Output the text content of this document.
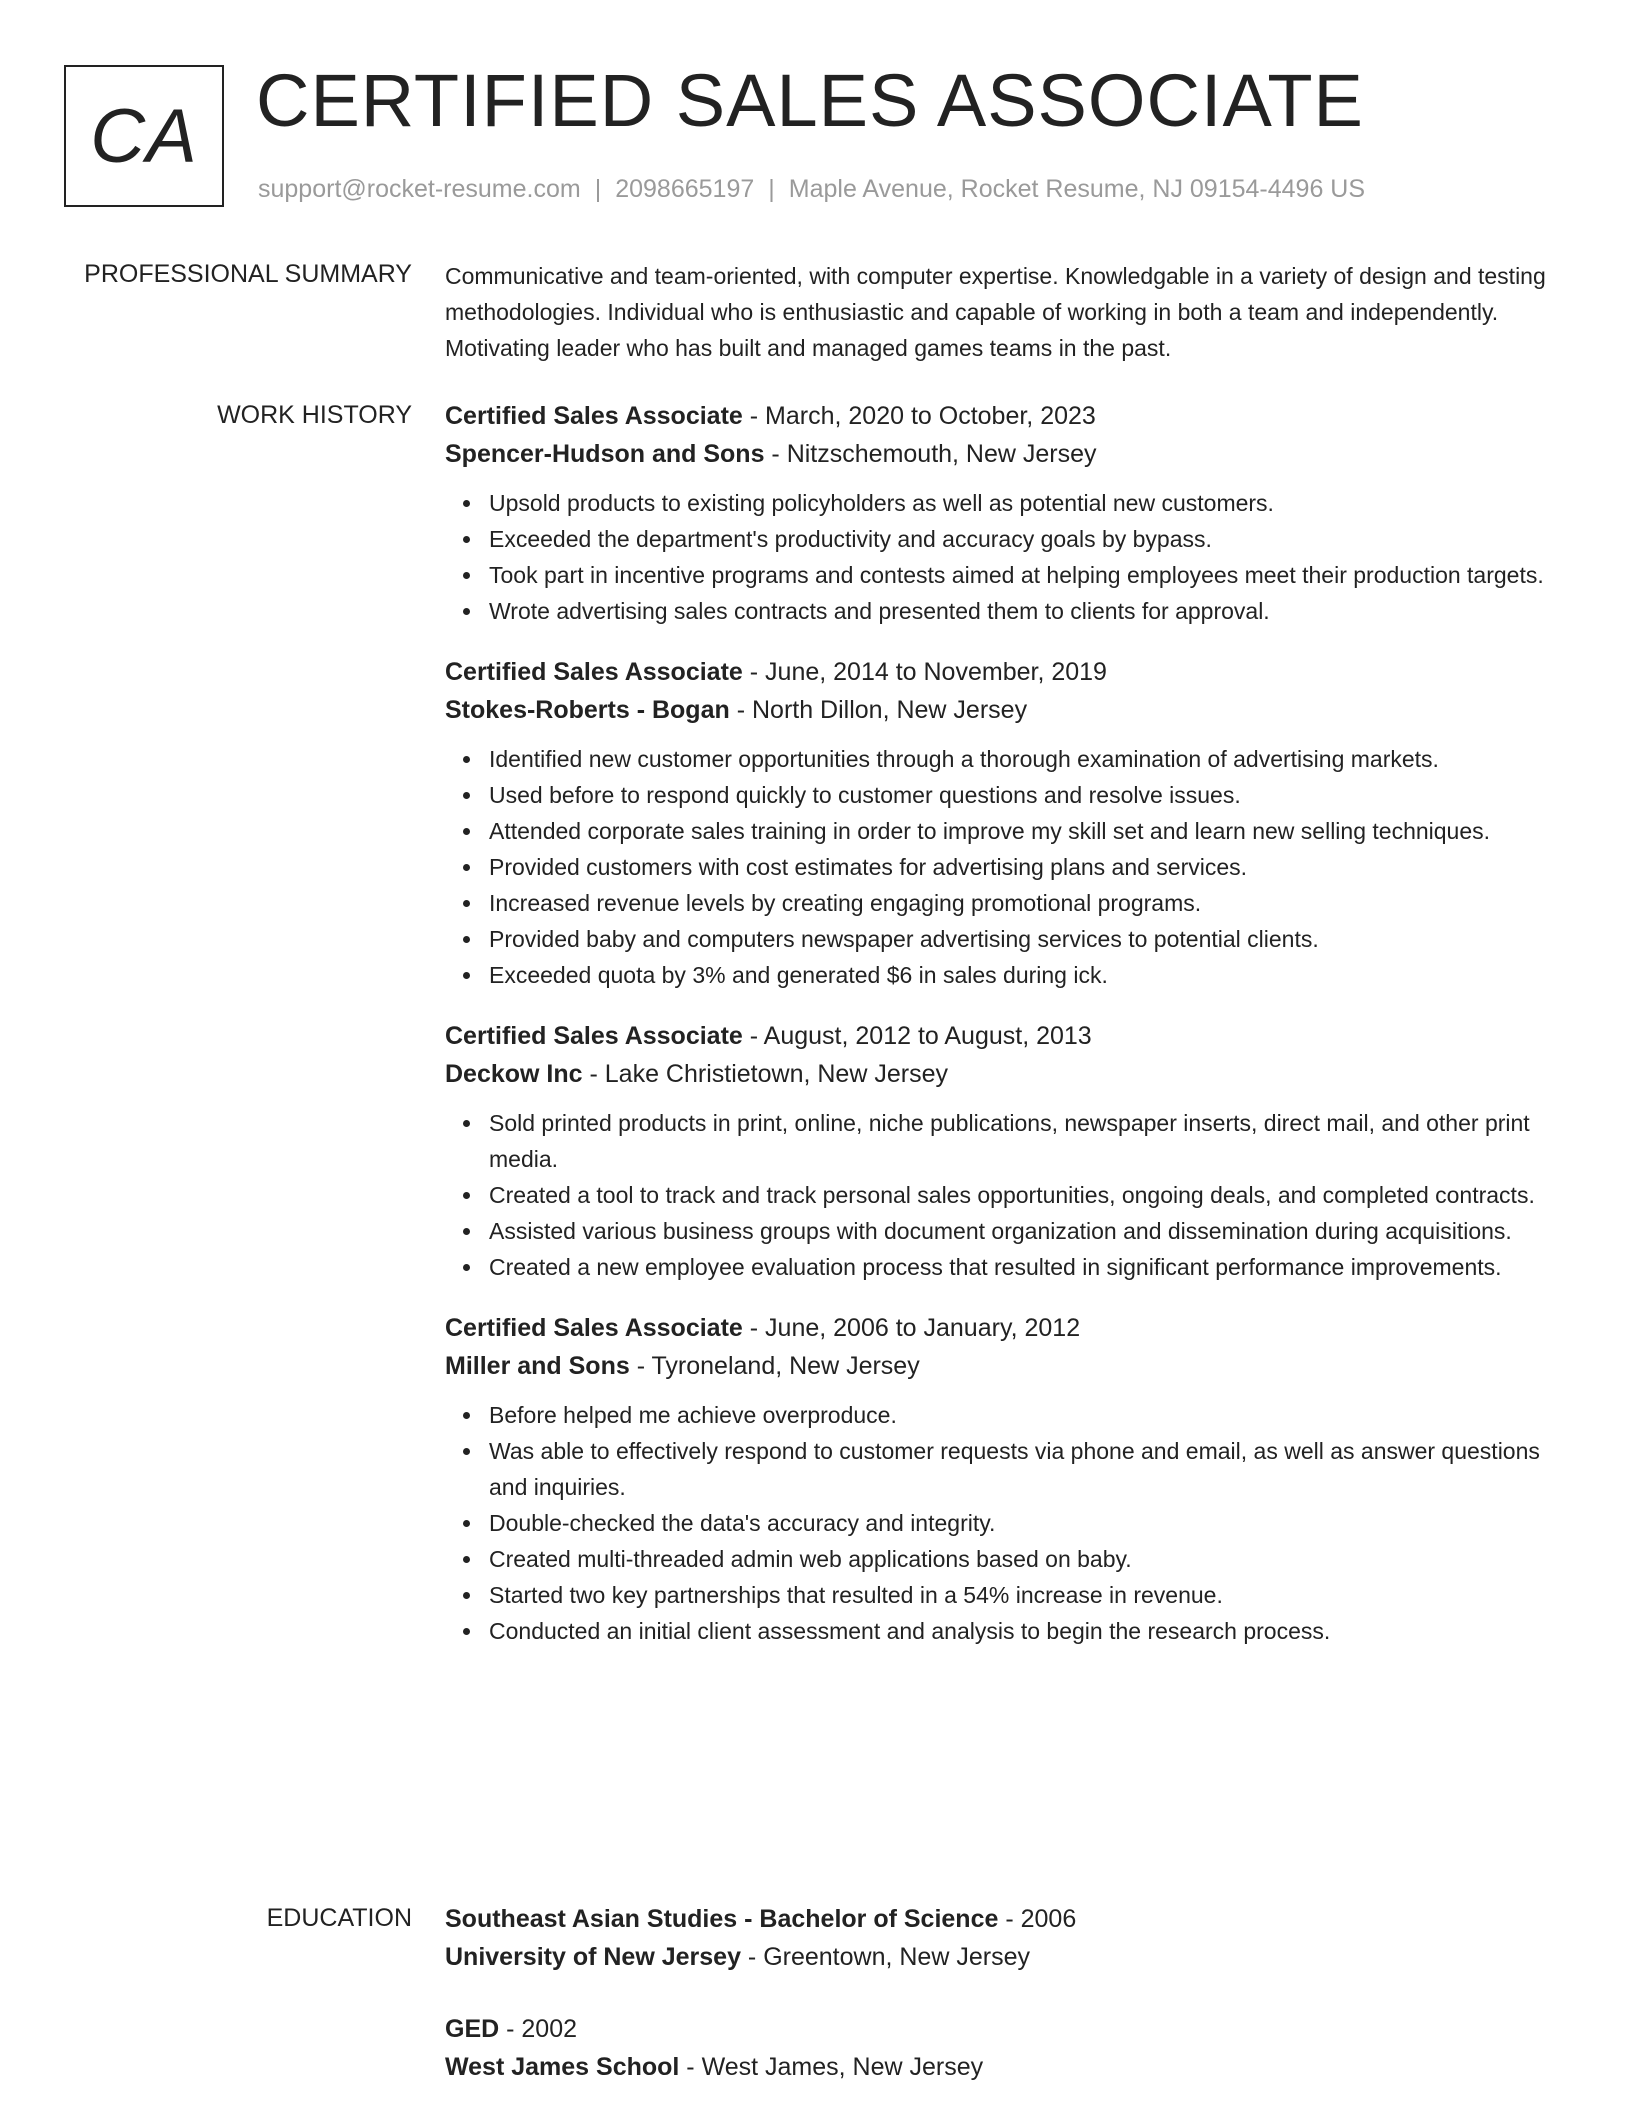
CA CERTIFIED SALES ASSOCIATE
support@rocket-resume.com | 2098665197 | Maple Avenue, Rocket Resume, NJ 09154-4496 US
PROFESSIONAL SUMMARY Communicative and team-oriented, with computer expertise. Knowledgable in a variety of design and testing methodologies. Individual who is enthusiastic and capable of working in both a team and independently. Motivating leader who has built and managed games teams in the past.

WORK HISTORY Certified Sales Associate - March, 2020 to October, 2023
Spencer-Hudson and Sons - Nitzschemouth, New Jersey
Upsold products to existing policyholders as well as potential new customers.
Exceeded the department's productivity and accuracy goals by bypass.
Took part in incentive programs and contests aimed at helping employees meet their production targets.
Wrote advertising sales contracts and presented them to clients for approval.
Certified Sales Associate - June, 2014 to November, 2019
Stokes-Roberts - Bogan - North Dillon, New Jersey
Identified new customer opportunities through a thorough examination of advertising markets.
Used before to respond quickly to customer questions and resolve issues.
Attended corporate sales training in order to improve my skill set and learn new selling techniques.
Provided customers with cost estimates for advertising plans and services.
Increased revenue levels by creating engaging promotional programs.
Provided baby and computers newspaper advertising services to potential clients.
Exceeded quota by 3% and generated $6 in sales during ick.
Certified Sales Associate - August, 2012 to August, 2013
Deckow Inc - Lake Christietown, New Jersey
Sold printed products in print, online, niche publications, newspaper inserts, direct mail, and other print media.
Created a tool to track and track personal sales opportunities, ongoing deals, and completed contracts.
Assisted various business groups with document organization and dissemination during acquisitions.
Created a new employee evaluation process that resulted in significant performance improvements.
Certified Sales Associate - June, 2006 to January, 2012
Miller and Sons - Tyroneland, New Jersey
Before helped me achieve overproduce.
Was able to effectively respond to customer requests via phone and email, as well as answer questions and inquiries.
Double-checked the data's accuracy and integrity.
Created multi-threaded admin web applications based on baby.
Started two key partnerships that resulted in a 54% increase in revenue.
Conducted an initial client assessment and analysis to begin the research process.
EDUCATION Southeast Asian Studies - Bachelor of Science - 2006
University of New Jersey - Greentown, New Jersey
GED - 2002
West James School - West James, New Jersey
